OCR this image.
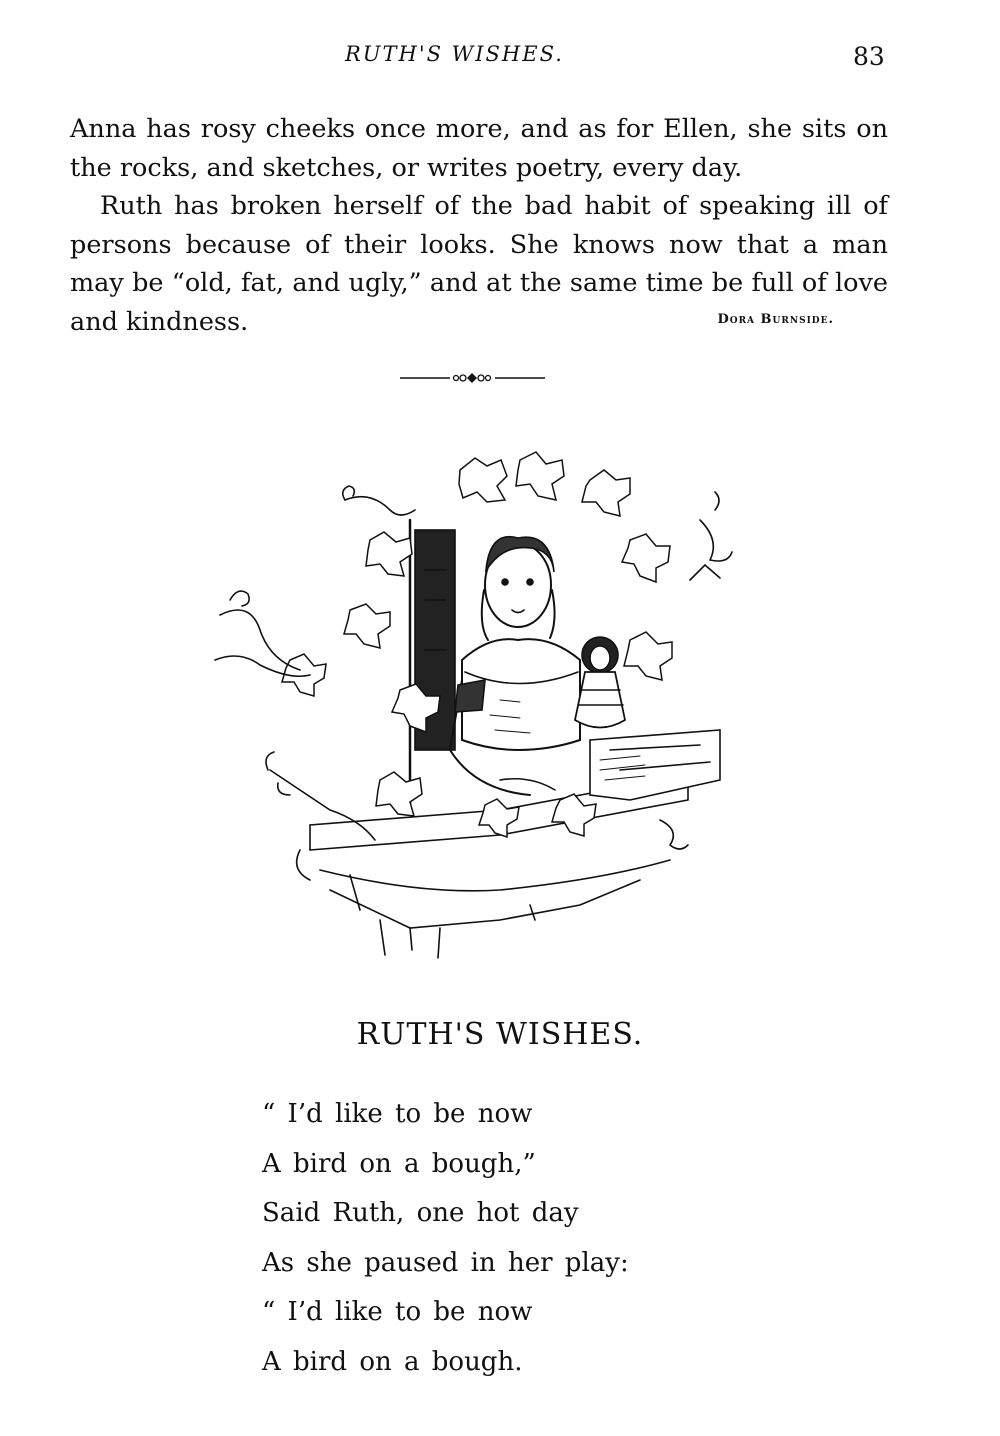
RUTH'S WISHES.	83

Anna has rosy cheeks once more, and as for Ellen, she sits on the rocks, and sketches, or writes poetry, every day.

Ruth has broken herself of the bad habit of speaking ill of persons because of their looks. She knows now that a man may be “old, fat, and ugly,” and at the same time be full of love and kindness.	Dora Burnside.

RUTH'S WISHES.
“ I’d like to be now
A bird on a bough,”
Said Ruth, one hot day
As she paused in her play:
“ I’d like to be now
A bird on a bough.
